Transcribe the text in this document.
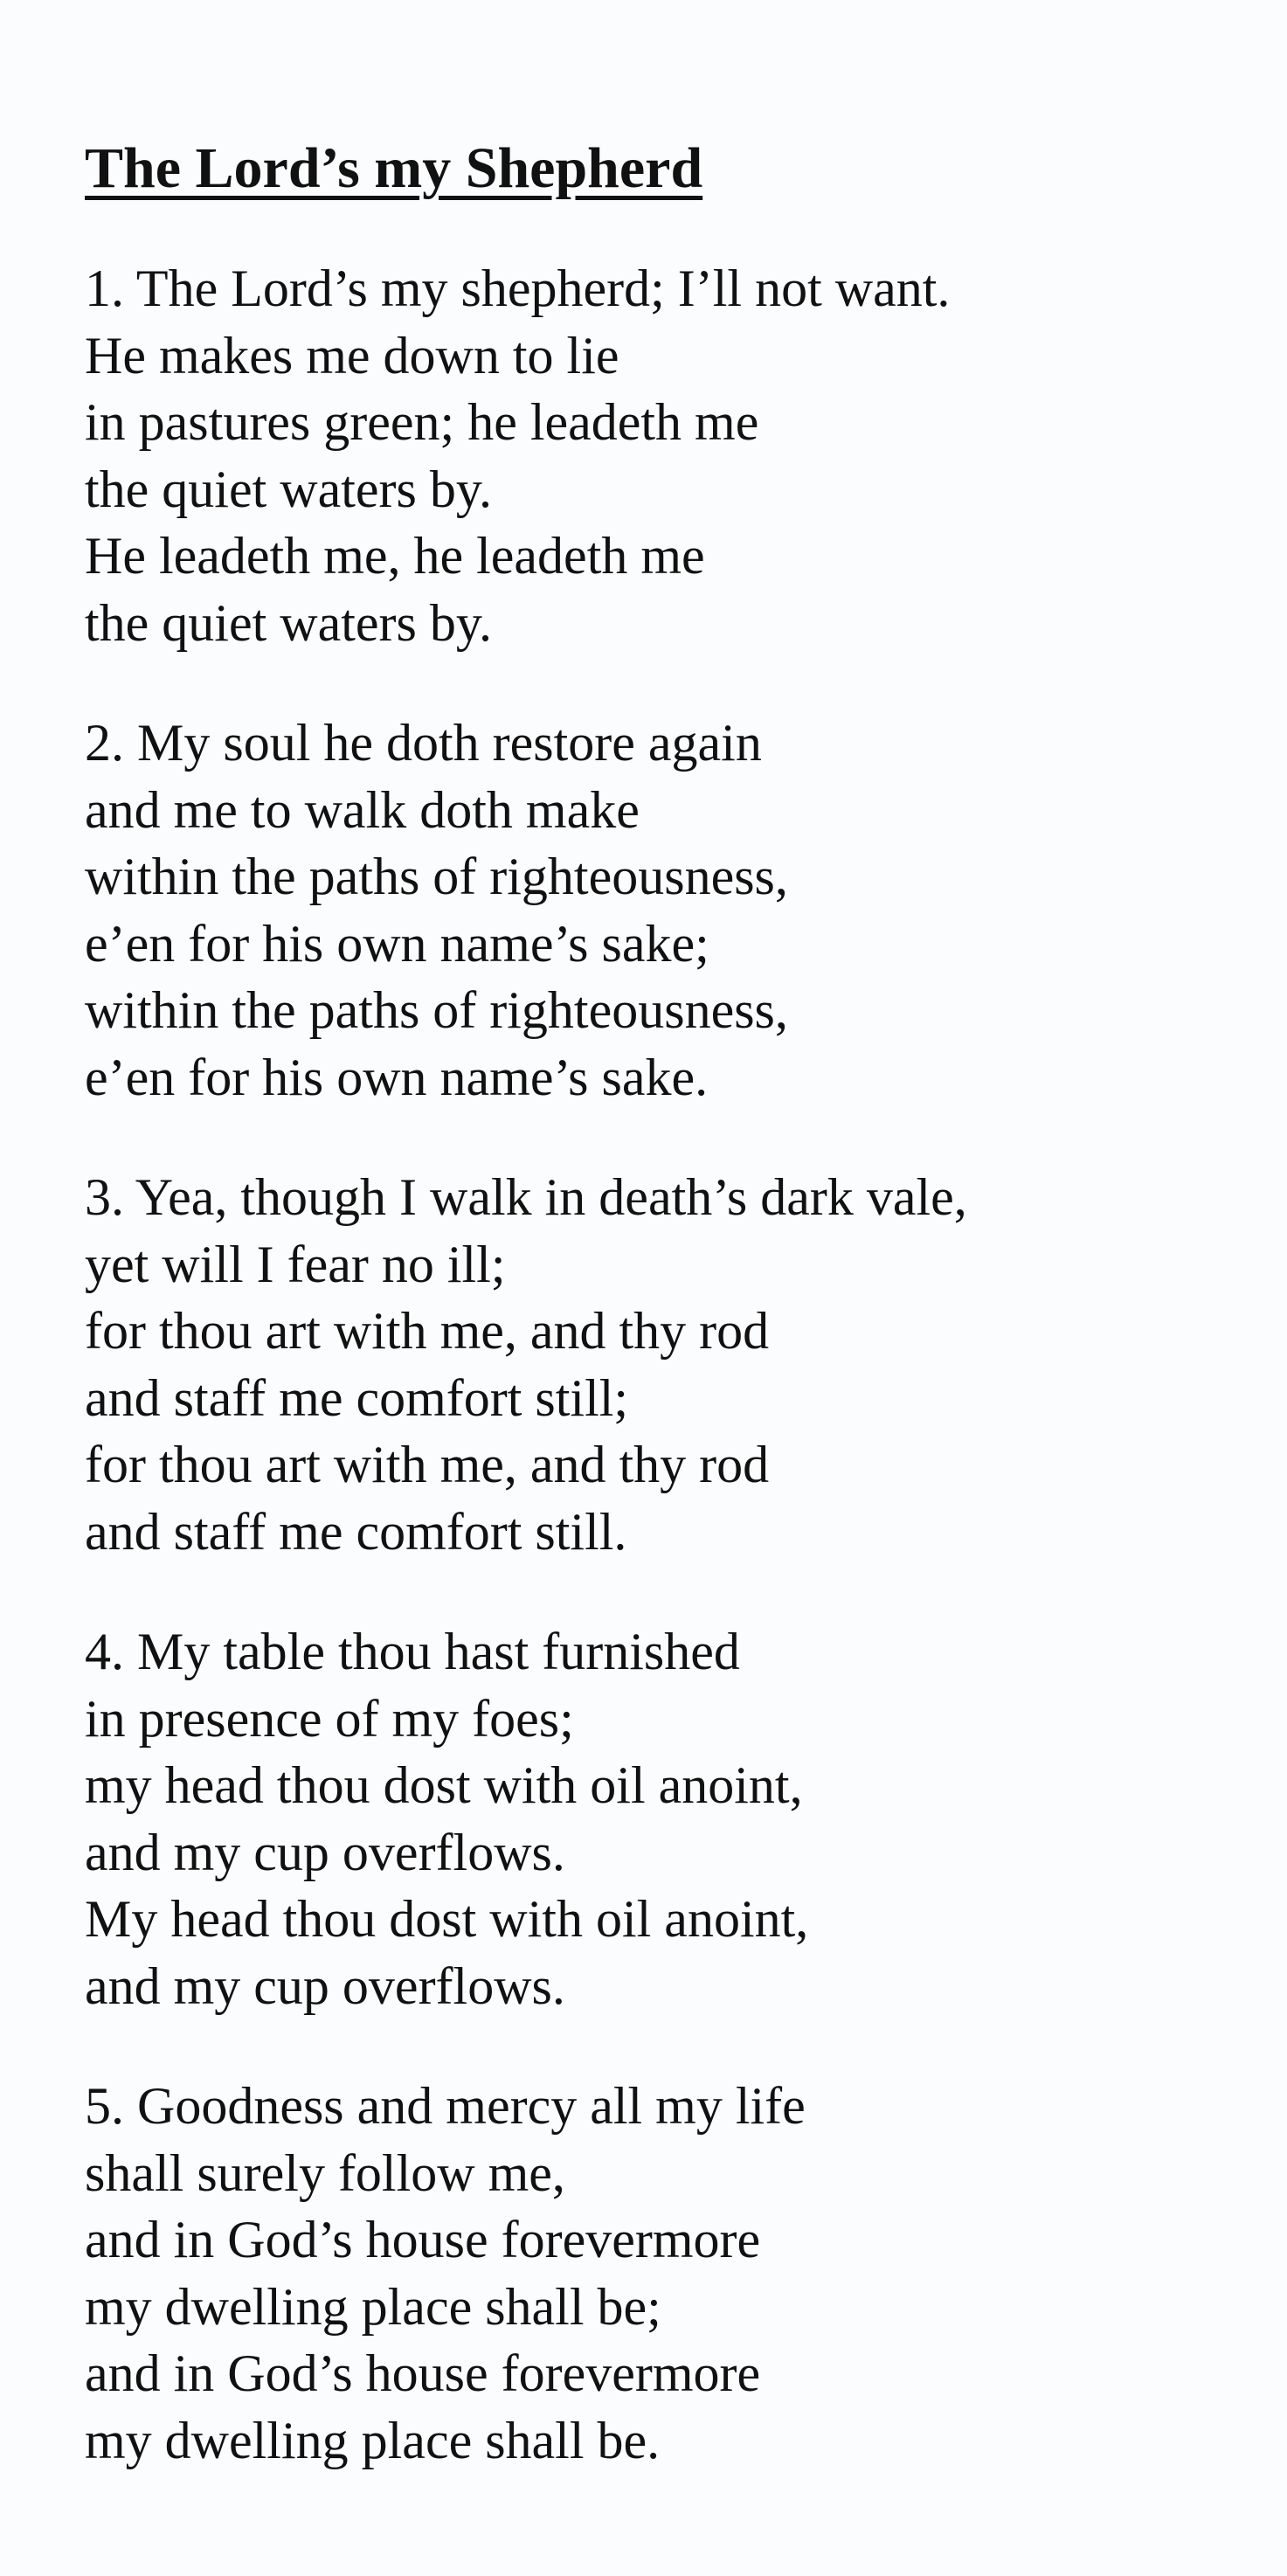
The Lord’s my Shepherd
1. The Lord’s my shepherd; I’ll not want.
He makes me down to lie
in pastures green; he leadeth me
the quiet waters by.
He leadeth me, he leadeth me
the quiet waters by.
2. My soul he doth restore again
and me to walk doth make
within the paths of righteousness,
e’en for his own name’s sake;
within the paths of righteousness,
e’en for his own name’s sake.
3. Yea, though I walk in death’s dark vale,
yet will I fear no ill;
for thou art with me, and thy rod
and staff me comfort still;
for thou art with me, and thy rod
and staff me comfort still.
4. My table thou hast furnished
in presence of my foes;
my head thou dost with oil anoint,
and my cup overflows.
My head thou dost with oil anoint,
and my cup overflows.
5. Goodness and mercy all my life
shall surely follow me,
and in God’s house forevermore
my dwelling place shall be;
and in God’s house forevermore
my dwelling place shall be.
